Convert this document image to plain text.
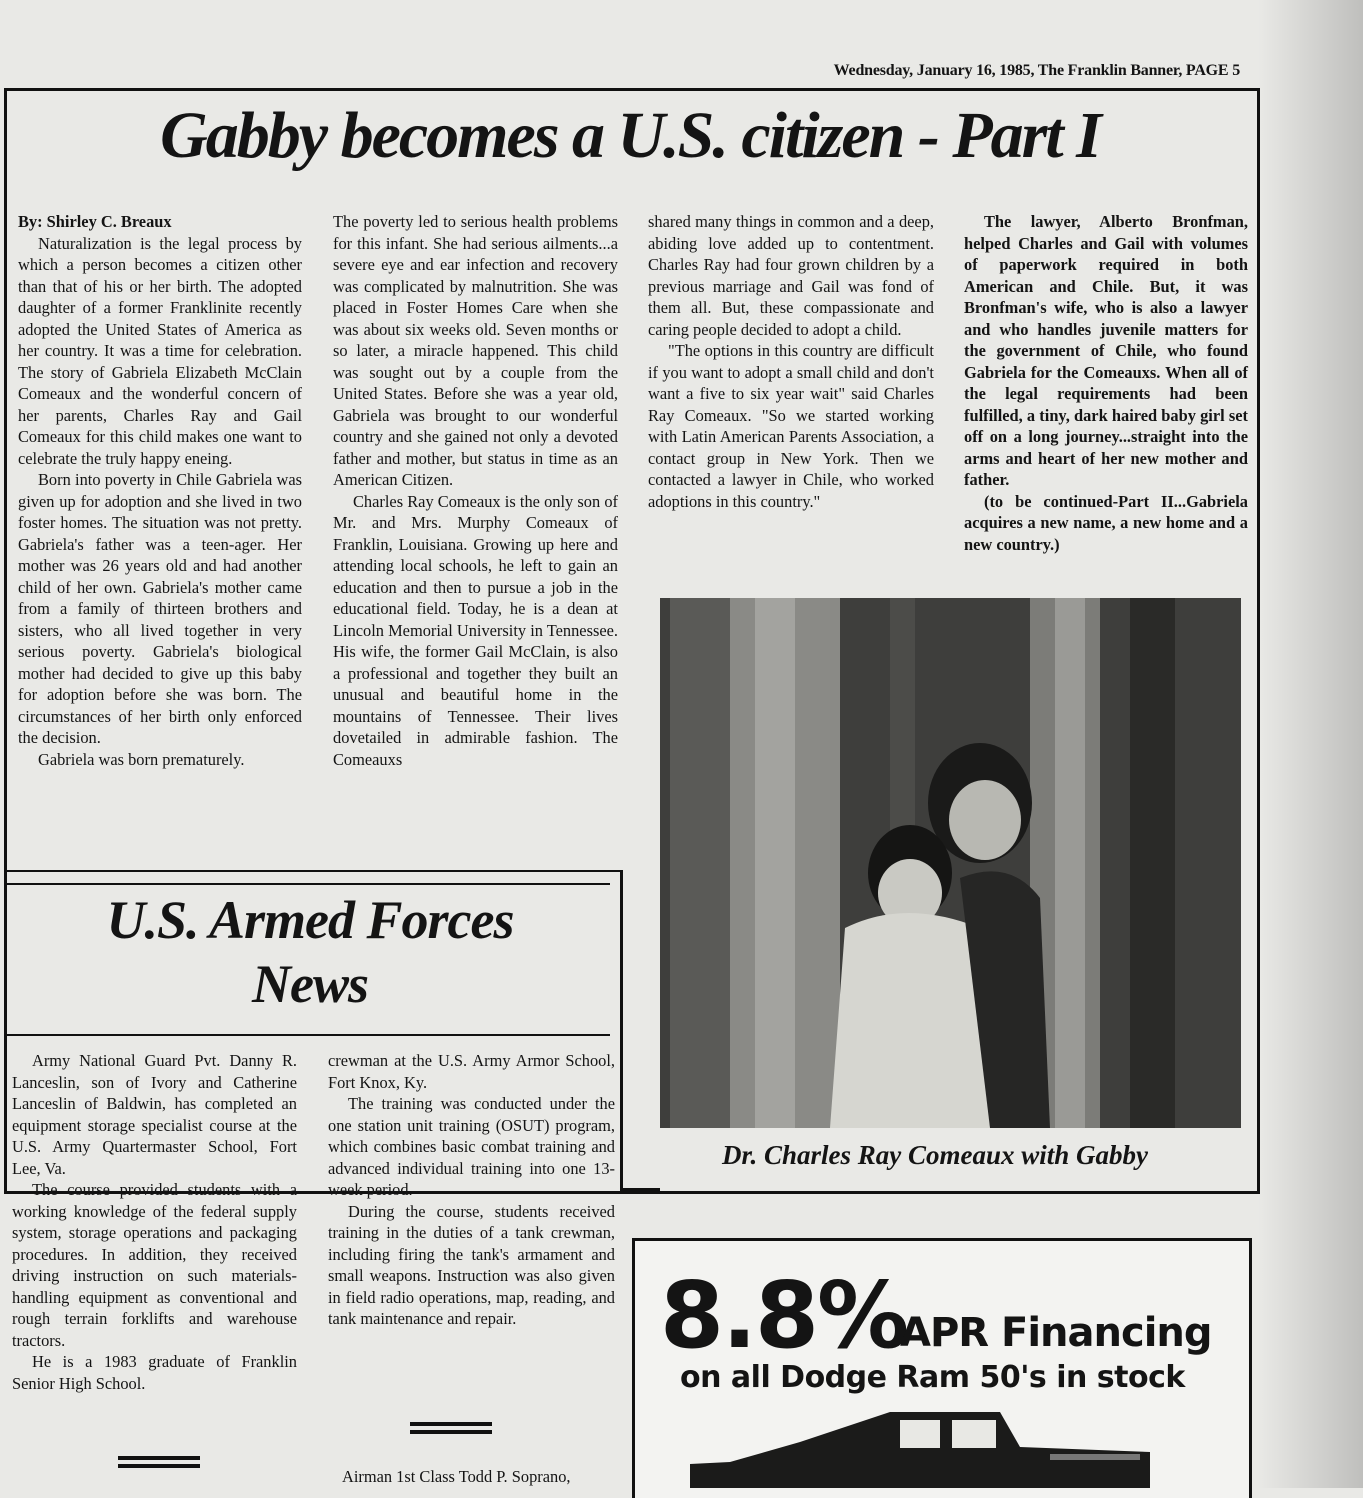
Wednesday, January 16, 1985, The Franklin Banner, PAGE 5
Gabby becomes a U.S. citizen - Part I

By: Shirley C. Breaux

Naturalization is the legal process by which a person becomes a citizen other than that of his or her birth. The adopted daughter of a former Franklinite recently adopted the United States of America as her country. It was a time for celebration. The story of Gabriela Elizabeth McClain Comeaux and the wonderful concern of her parents, Charles Ray and Gail Comeaux for this child makes one want to celebrate the truly happy eneing.

Born into poverty in Chile Gabriela was given up for adoption and she lived in two foster homes. The situation was not pretty. Gabriela's father was a teen-ager. Her mother was 26 years old and had another child of her own. Gabriela's mother came from a family of thirteen brothers and sisters, who all lived together in very serious poverty. Gabriela's biological mother had decided to give up this baby for adoption before she was born. The circumstances of her birth only enforced the decision.

Gabriela was born prematurely.

The poverty led to serious health problems for this infant. She had serious ailments...a severe eye and ear infection and recovery was complicated by malnutrition. She was placed in Foster Homes Care when she was about six weeks old. Seven months or so later, a miracle happened. This child was sought out by a couple from the United States. Before she was a year old, Gabriela was brought to our wonderful country and she gained not only a devoted father and mother, but status in time as an American Citizen.

Charles Ray Comeaux is the only son of Mr. and Mrs. Murphy Comeaux of Franklin, Louisiana. Growing up here and attending local schools, he left to gain an education and then to pursue a job in the educational field. Today, he is a dean at Lincoln Memorial University in Tennessee. His wife, the former Gail McClain, is also a professional and together they built an unusual and beautiful home in the mountains of Tennessee. Their lives dovetailed in admirable fashion. The Comeauxs

shared many things in common and a deep, abiding love added up to contentment. Charles Ray had four grown children by a previous marriage and Gail was fond of them all. But, these compassionate and caring people decided to adopt a child.

"The options in this country are difficult if you want to adopt a small child and don't want a five to six year wait" said Charles Ray Comeaux. "So we started working with Latin American Parents Association, a contact group in New York. Then we contacted a lawyer in Chile, who worked adoptions in this country."

The lawyer, Alberto Bronfman, helped Charles and Gail with volumes of paperwork required in both American and Chile. But, it was Bronfman's wife, who is also a lawyer and who handles juvenile matters for the government of Chile, who found Gabriela for the Comeauxs. When all of the legal requirements had been fulfilled, a tiny, dark haired baby girl set off on a long journey...straight into the arms and heart of her new mother and father.

(to be continued-Part II...Gabriela acquires a new name, a new home and a new country.)

Dr. Charles Ray Comeaux with Gabby
U.S. Armed Forces
News

Army National Guard Pvt. Danny R. Lanceslin, son of Ivory and Catherine Lanceslin of Baldwin, has completed an equipment storage specialist course at the U.S. Army Quartermaster School, Fort Lee, Va.

The course provided students with a working knowledge of the federal supply system, storage operations and packaging procedures. In addition, they received driving instruction on such materials-handling equipment as conventional and rough terrain forklifts and warehouse tractors.

He is a 1983 graduate of Franklin Senior High School.

crewman at the U.S. Army Armor School, Fort Knox, Ky.

The training was conducted under the one station unit training (OSUT) program, which combines basic combat training and advanced individual training into one 13-week period.

During the course, students received training in the duties of a tank crewman, including firing the tank's armament and small weapons. Instruction was also given in field radio operations, map, reading, and tank maintenance and repair.

Airman 1st Class Todd P. Soprano,
8.8%
APR Financing
on all Dodge Ram 50's in stock
